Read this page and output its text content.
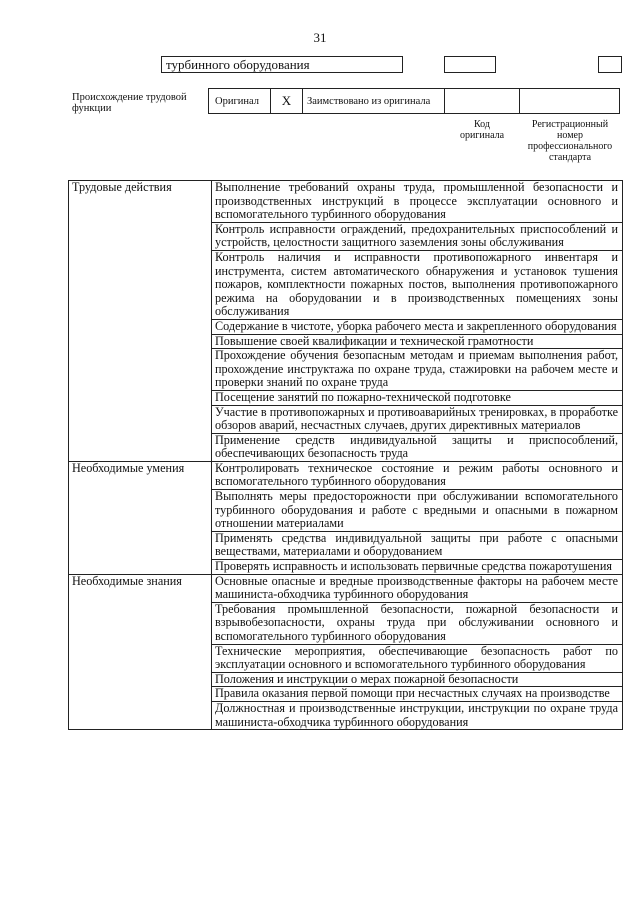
31
турбинного оборудования
Происхождение трудовой функции
Оригинал	X	Заимствовано из оригинала
Код оригинала
Регистрационный номер профессионального стандарта
Трудовые действия	Выполнение требований охраны труда, промышленной безопасности и производственных инструкций в процессе эксплуатации основного и вспомогательного турбинного оборудования
	Контроль исправности ограждений, предохранительных приспособлений и устройств, целостности защитного заземления зоны обслуживания
	Контроль наличия и исправности противопожарного инвентаря и инструмента, систем автоматического обнаружения и установок тушения пожаров, комплектности пожарных постов, выполнения противопожарного режима на оборудовании и в производственных помещениях зоны обслуживания
	Содержание в чистоте, уборка рабочего места и закрепленного оборудования
	Повышение своей квалификации и технической грамотности
	Прохождение обучения безопасным методам и приемам выполнения работ, прохождение инструктажа по охране труда, стажировки на рабочем месте и проверки знаний по охране труда
	Посещение занятий по пожарно-технической подготовке
	Участие в противопожарных и противоаварийных тренировках, в проработке обзоров аварий, несчастных случаев, других директивных материалов
	Применение средств индивидуальной защиты и приспособлений, обеспечивающих безопасность труда
Необходимые умения	Контролировать техническое состояние и режим работы основного и вспомогательного турбинного оборудования
	Выполнять меры предосторожности при обслуживании вспомогательного турбинного оборудования и работе с вредными и опасными в пожарном отношении материалами
	Применять средства индивидуальной защиты при работе с опасными веществами, материалами и оборудованием
	Проверять исправность и использовать первичные средства пожаротушения
Необходимые знания	Основные опасные и вредные производственные факторы на рабочем месте машиниста-обходчика турбинного оборудования
	Требования промышленной безопасности, пожарной безопасности и взрывобезопасности, охраны труда при обслуживании основного и вспомогательного турбинного оборудования
	Технические мероприятия, обеспечивающие безопасность работ по эксплуатации основного и вспомогательного турбинного оборудования
	Положения и инструкции о мерах пожарной безопасности
	Правила оказания первой помощи при несчастных случаях на производстве
	Должностная и производственные инструкции, инструкции по охране труда машиниста-обходчика турбинного оборудования
